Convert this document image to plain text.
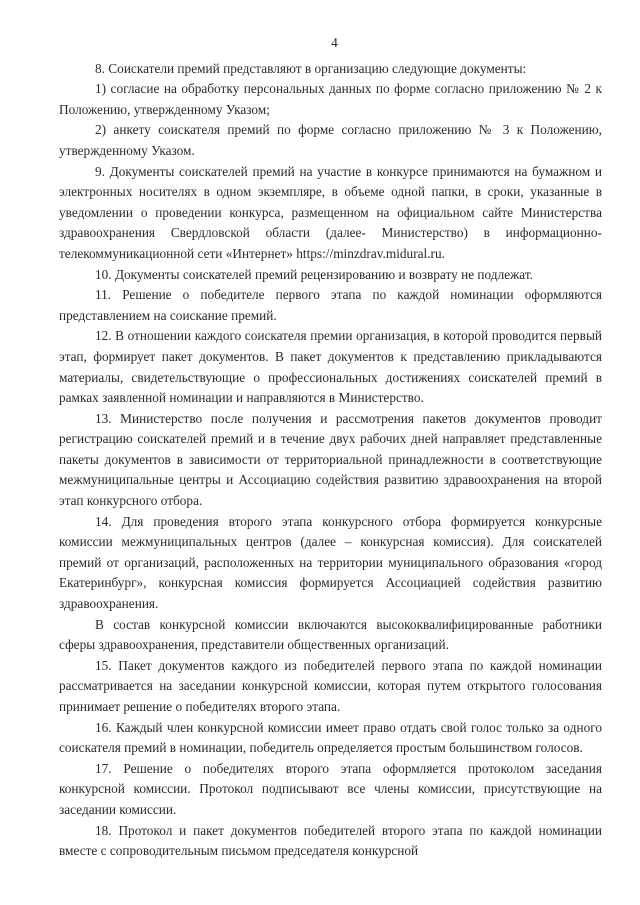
4

8. Соискатели премий представляют в организацию следующие документы:

1) согласие на обработку персональных данных по форме согласно приложению № 2 к Положению, утвержденному Указом;

2) анкету соискателя премий по форме согласно приложению № 3 к Положению, утвержденному Указом.

9. Документы соискателей премий на участие в конкурсе принимаются на бумажном и электронных носителях в одном экземпляре, в объеме одной папки, в сроки, указанные в уведомлении о проведении конкурса, размещенном на официальном сайте Министерства здравоохранения Свердловской области (далее- Министерство) в информационно-телекоммуникационной сети «Интернет» https://minzdrav.midural.ru.

10. Документы соискателей премий рецензированию и возврату не подлежат.

11. Решение о победителе первого этапа по каждой номинации оформляются представлением на соискание премий.

12. В отношении каждого соискателя премии организация, в которой проводится первый этап, формирует пакет документов. В пакет документов к представлению прикладываются материалы, свидетельствующие о профессиональных достижениях соискателей премий в рамках заявленной номинации и направляются в Министерство.

13. Министерство после получения и рассмотрения пакетов документов проводит регистрацию соискателей премий и в течение двух рабочих дней направляет представленные пакеты документов в зависимости от территориальной принадлежности в соответствующие межмуниципальные центры и Ассоциацию содействия развитию здравоохранения на второй этап конкурсного отбора.

14. Для проведения второго этапа конкурсного отбора формируется конкурсные комиссии межмуниципальных центров (далее – конкурсная комиссия). Для соискателей премий от организаций, расположенных на территории муниципального образования «город Екатеринбург», конкурсная комиссия формируется Ассоциацией содействия развитию здравоохранения.

В состав конкурсной комиссии включаются высококвалифицированные работники сферы здравоохранения, представители общественных организаций.

15. Пакет документов каждого из победителей первого этапа по каждой номинации рассматривается на заседании конкурсной комиссии, которая путем открытого голосования принимает решение о победителях второго этапа.

16. Каждый член конкурсной комиссии имеет право отдать свой голос только за одного соискателя премий в номинации, победитель определяется простым большинством голосов.

17. Решение о победителях второго этапа оформляется протоколом заседания конкурсной комиссии. Протокол подписывают все члены комиссии, присутствующие на заседании комиссии.

18. Протокол и пакет документов победителей второго этапа по каждой номинации вместе с сопроводительным письмом председателя конкурсной
